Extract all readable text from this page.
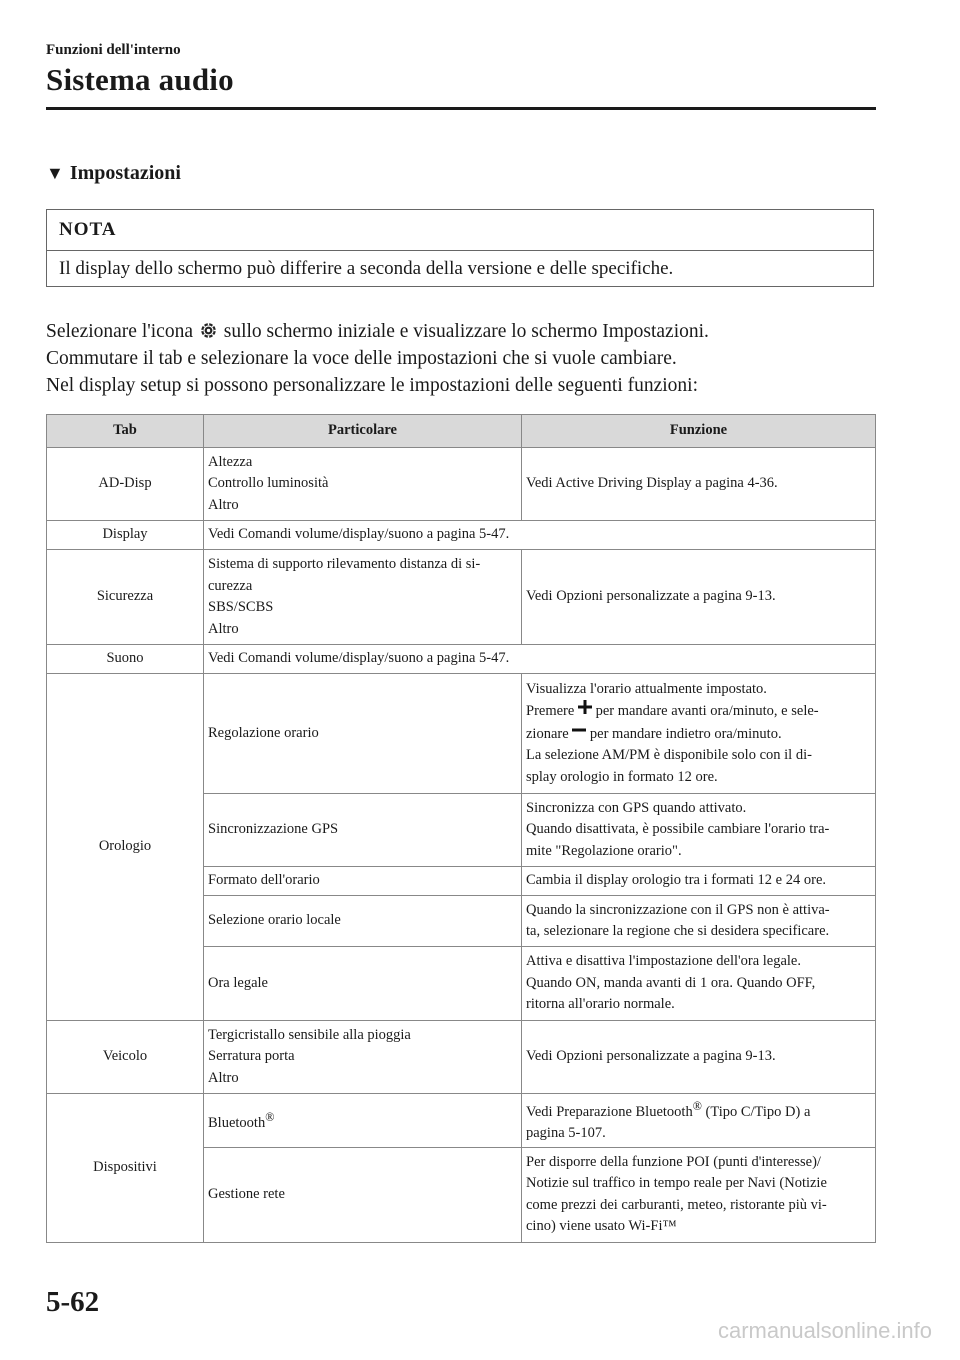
Funzioni dell'interno
Sistema audio
▼ Impostazioni
NOTA
Il display dello schermo può differire a seconda della versione e delle specifiche.

Selezionare l'icona sullo schermo iniziale e visualizzare lo schermo Impostazioni.

Commutare il tab e selezionare la voce delle impostazioni che si vuole cambiare.

Nel display setup si possono personalizzare le impostazioni delle seguenti funzioni:

Tab	Particolare	Funzione
AD-Disp	Altezza
Controllo luminosità
Altro	Vedi Active Driving Display a pagina 4-36.
Display	Vedi Comandi volume/display/suono a pagina 5-47.	
Sicurezza	Sistema di supporto rilevamento distanza di si-
curezza
SBS/SCBS
Altro	Vedi Opzioni personalizzate a pagina 9-13.
Suono	Vedi Comandi volume/display/suono a pagina 5-47.	
Orologio	Regolazione orario	Visualizza l'orario attualmente impostato.
Premere per mandare avanti ora/minuto, e sele-
zionare per mandare indietro ora/minuto.
La selezione AM/PM è disponibile solo con il di-
splay orologio in formato 12 ore.

	Sincronizzazione GPS	Sincronizza con GPS quando attivato.
Quando disattivata, è possibile cambiare l'orario tra-
mite "Regolazione orario".

	Formato dell'orario	Cambia il display orologio tra i formati 12 e 24 ore.
	Selezione orario locale	Quando la sincronizzazione con il GPS non è attiva-
ta, selezionare la regione che si desidera specificare.

	Ora legale	Attiva e disattiva l'impostazione dell'ora legale.
Quando ON, manda avanti di 1 ora. Quando OFF,
ritorna all'orario normale.

Veicolo	Tergicristallo sensibile alla pioggia
Serratura porta
Altro	Vedi Opzioni personalizzate a pagina 9-13.
Dispositivi	Bluetooth®	Vedi Preparazione Bluetooth® (Tipo C/Tipo D) a
pagina 5-107.

	Gestione rete	Per disporre della funzione POI (punti d'interesse)/
Notizie sul traffico in tempo reale per Navi (Notizie
come prezzi dei carburanti, meteo, ristorante più vi-
cino) viene usato Wi-Fi™
5-62
carmanualsonline.info
